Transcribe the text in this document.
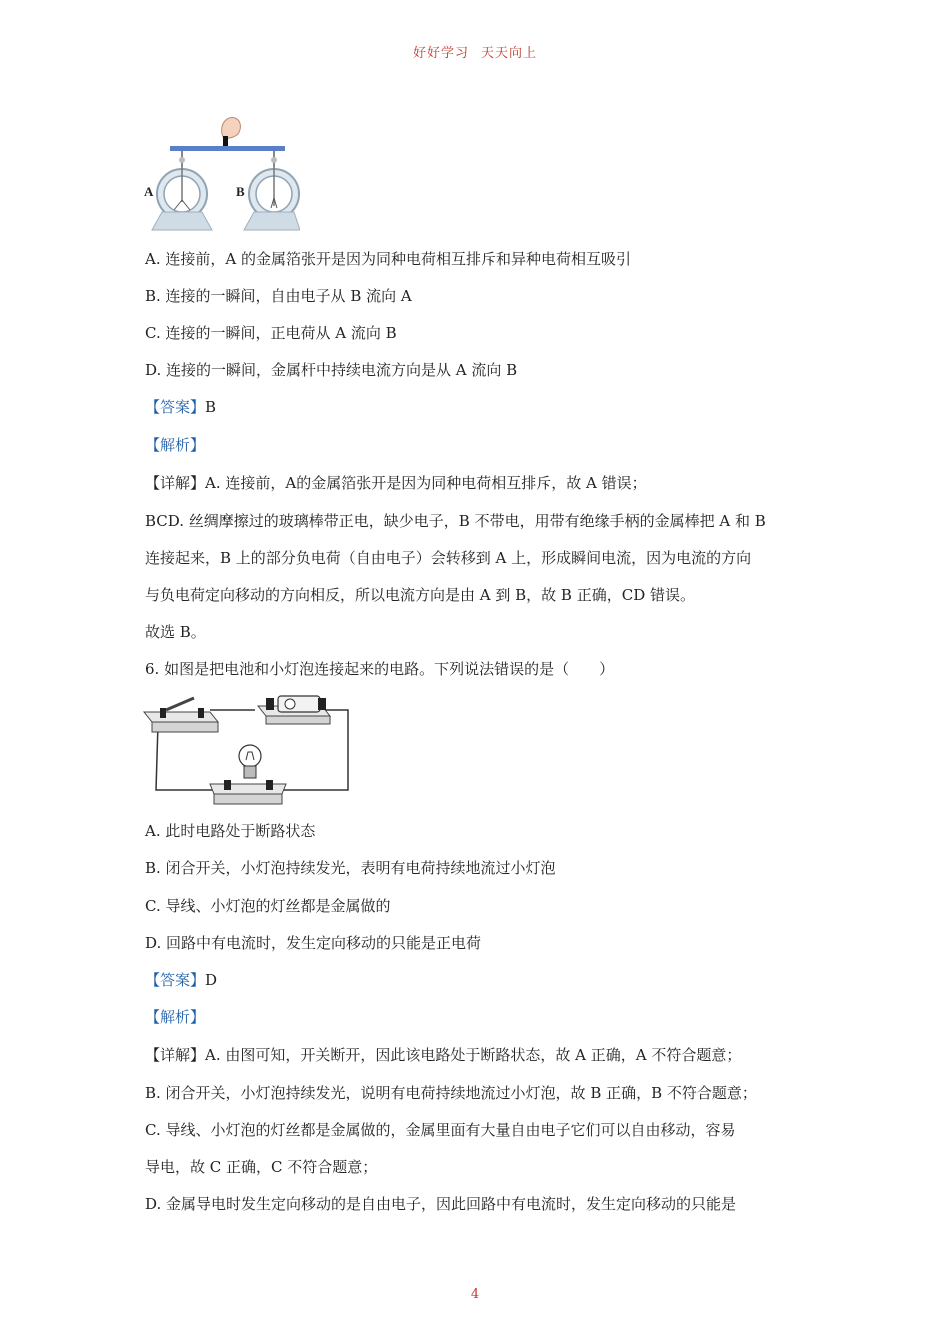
好好学习 天天向上
A	B
A. 连接前，A 的金属箔张开是因为同种电荷相互排斥和异种电荷相互吸引
B. 连接的一瞬间，自由电子从 B 流向 A
C. 连接的一瞬间，正电荷从 A 流向 B
D. 连接的一瞬间，金属杆中持续电流方向是从 A 流向 B
【答案】B
【解析】
【详解】A. 连接前，A的金属箔张开是因为同种电荷相互排斥，故 A 错误；
BCD. 丝绸摩擦过的玻璃棒带正电，缺少电子，B 不带电，用带有绝缘手柄的金属棒把 A 和 B
连接起来，B 上的部分负电荷（自由电子）会转移到 A 上，形成瞬间电流，因为电流的方向
与负电荷定向移动的方向相反，所以电流方向是由 A 到 B，故 B 正确，CD 错误。
故选 B。
6. 如图是把电池和小灯泡连接起来的电路。下列说法错误的是（　　）
A. 此时电路处于断路状态
B. 闭合开关，小灯泡持续发光，表明有电荷持续地流过小灯泡
C. 导线、小灯泡的灯丝都是金属做的
D. 回路中有电流时，发生定向移动的只能是正电荷
【答案】D
【解析】
【详解】A. 由图可知，开关断开，因此该电路处于断路状态，故 A 正确，A 不符合题意；
B. 闭合开关，小灯泡持续发光，说明有电荷持续地流过小灯泡，故 B 正确，B 不符合题意；
C. 导线、小灯泡的灯丝都是金属做的，金属里面有大量自由电子它们可以自由移动，容易
导电，故 C 正确，C 不符合题意；
D. 金属导电时发生定向移动的是自由电子，因此回路中有电流时，发生定向移动的只能是
4
